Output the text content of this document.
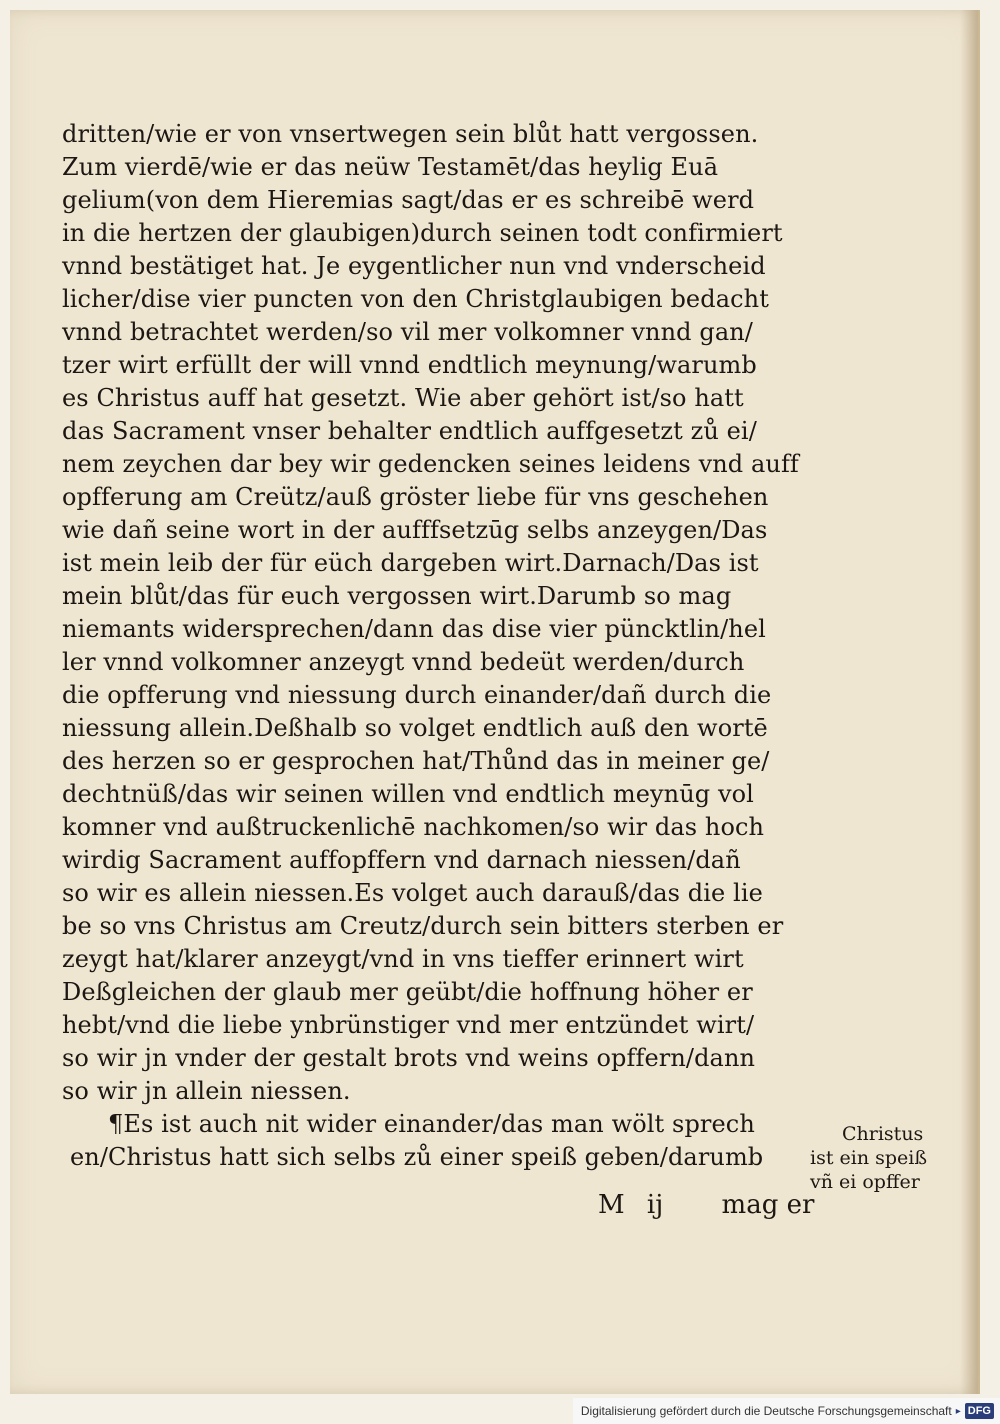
dritten/wie er von vnsertwegen sein blůt hatt vergossen.
Zum vierdē/wie er das neüw Testamēt/das heylig Euā
gelium(von dem Hieremias sagt/das er es schreibē werd
in die hertzen der glaubigen)durch seinen todt confirmiert
vnnd bestätiget hat. Je eygentlicher nun vnd vnderscheid
licher/dise vier puncten von den Christglaubigen bedacht
vnnd betrachtet werden/so vil mer volkomner vnnd gan/
tzer wirt erfüllt der will vnnd endtlich meynung/warumb
es Christus auff hat gesetzt. Wie aber gehört ist/so hatt
das Sacrament vnser behalter endtlich auffgesetzt zů ei/
nem zeychen dar bey wir gedencken seines leidens vnd auff
opfferung am Creütz/auß gröster liebe für vns geschehen
wie dañ seine wort in der aufffsetzūg selbs anzeygen/Das
ist mein leib der für eüch dargeben wirt.Darnach/Das ist
mein blůt/das für euch vergossen wirt.Darumb so mag
niemants widersprechen/dann das dise vier püncktlin/hel
ler vnnd volkomner anzeygt vnnd bedeüt werden/durch
die opfferung vnd niessung durch einander/dañ durch die
niessung allein.Deßhalb so volget endtlich auß den wortē
des herzen so er gesprochen hat/Thůnd das in meiner ge/
dechtnüß/das wir seinen willen vnd endtlich meynūg vol
komner vnd außtruckenlichē nachkomen/so wir das hoch
wirdig Sacrament auffopffern vnd darnach niessen/dañ
so wir es allein niessen.Es volget auch darauß/das die lie
be so vns Christus am Creutz/durch sein bitters sterben er
zeygt hat/klarer anzeygt/vnd in vns tieffer erinnert wirt
Deßgleichen der glaub mer geübt/die hoffnung höher er
hebt/vnd die liebe ynbrünstiger vnd mer entzündet wirt/
so wir jn vnder der gestalt brots vnd weins opffern/dann
so wir jn allein niessen.
¶Es ist auch nit wider einander/das man wölt sprech
en/Christus hatt sich selbs zů einer speiß geben/darumb
M ij mag er
Christus
ist ein speiß
vñ ei opffer
Digitalisierung gefördert durch die Deutsche Forschungsgemeinschaft ▸ DFG
